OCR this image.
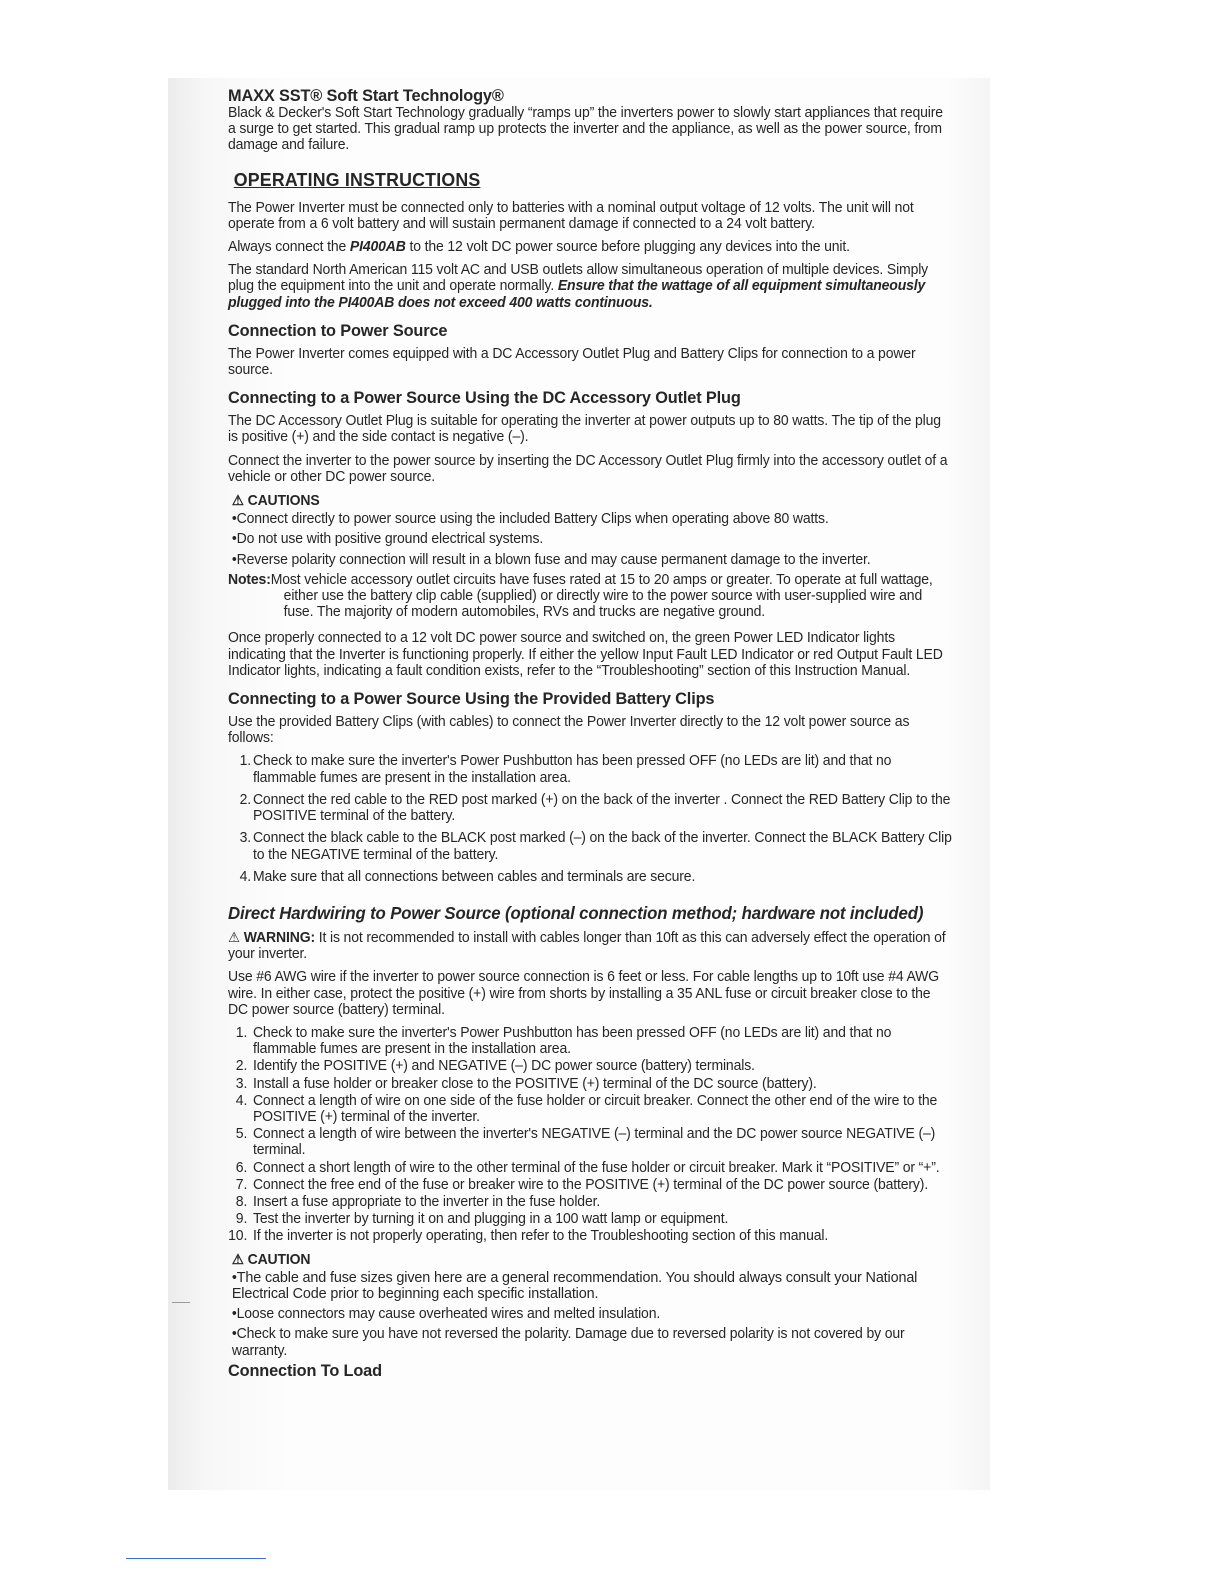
MAXX SST® Soft Start Technology®

Black & Decker's Soft Start Technology gradually “ramps up” the inverters power to slowly start appliances that require a surge to get started. This gradual ramp up protects the inverter and the appliance, as well as the power source, from damage and failure.

OPERATING INSTRUCTIONS

The Power Inverter must be connected only to batteries with a nominal output voltage of 12 volts. The unit will not operate from a 6 volt battery and will sustain permanent damage if connected to a 24 volt battery.

Always connect the PI400AB to the 12 volt DC power source before plugging any devices into the unit.

The standard North American 115 volt AC and USB outlets allow simultaneous operation of multiple devices. Simply plug the equipment into the unit and operate normally. Ensure that the wattage of all equipment simultaneously plugged into the PI400AB does not exceed 400 watts continuous.

Connection to Power Source

The Power Inverter comes equipped with a DC Accessory Outlet Plug and Battery Clips for connection to a power source.

Connecting to a Power Source Using the DC Accessory Outlet Plug

The DC Accessory Outlet Plug is suitable for operating the inverter at power outputs up to 80 watts. The tip of the plug is positive (+) and the side contact is negative (–).

Connect the inverter to the power source by inserting the DC Accessory Outlet Plug firmly into the accessory outlet of a vehicle or other DC power source.

⚠ CAUTIONS
•Connect directly to power source using the included Battery Clips when operating above 80 watts.
•Do not use with positive ground electrical systems.
•Reverse polarity connection will result in a blown fuse and may cause permanent damage to the inverter.

Notes:Most vehicle accessory outlet circuits have fuses rated at 15 to 20 amps or greater. To operate at full wattage, either use the battery clip cable (supplied) or directly wire to the power source with user-supplied wire and fuse. The majority of modern automobiles, RVs and trucks are negative ground.

Once properly connected to a 12 volt DC power source and switched on, the green Power LED Indicator lights indicating that the Inverter is functioning properly. If either the yellow Input Fault LED Indicator or red Output Fault LED Indicator lights, indicating a fault condition exists, refer to the “Troubleshooting” section of this Instruction Manual.

Connecting to a Power Source Using the Provided Battery Clips

Use the provided Battery Clips (with cables) to connect the Power Inverter directly to the 12 volt power source as follows:

1. Check to make sure the inverter's Power Pushbutton has been pressed OFF (no LEDs are lit) and that no flammable fumes are present in the installation area.
2. Connect the red cable to the RED post marked (+) on the back of the inverter . Connect the RED Battery Clip to the POSITIVE terminal of the battery.
3. Connect the black cable to the BLACK post marked (–) on the back of the inverter. Connect the BLACK Battery Clip to the NEGATIVE terminal of the battery.
4. Make sure that all connections between cables and terminals are secure.
Direct Hardwiring to Power Source (optional connection method; hardware not included)

⚠ WARNING: It is not recommended to install with cables longer than 10ft as this can adversely effect the operation of your inverter.

Use #6 AWG wire if the inverter to power source connection is 6 feet or less. For cable lengths up to 10ft use #4 AWG wire. In either case, protect the positive (+) wire from shorts by installing a 35 ANL fuse or circuit breaker close to the DC power source (battery) terminal.

1. Check to make sure the inverter's Power Pushbutton has been pressed OFF (no LEDs are lit) and that no flammable fumes are present in the installation area.
2. Identify the POSITIVE (+) and NEGATIVE (–) DC power source (battery) terminals.
3. Install a fuse holder or breaker close to the POSITIVE (+) terminal of the DC source (battery).
4. Connect a length of wire on one side of the fuse holder or circuit breaker. Connect the other end of the wire to the POSITIVE (+) terminal of the inverter.
5. Connect a length of wire between the inverter's NEGATIVE (–) terminal and the DC power source NEGATIVE (–) terminal.
6. Connect a short length of wire to the other terminal of the fuse holder or circuit breaker. Mark it “POSITIVE” or “+”.
7. Connect the free end of the fuse or breaker wire to the POSITIVE (+) terminal of the DC power source (battery).
8. Insert a fuse appropriate to the inverter in the fuse holder.
9. Test the inverter by turning it on and plugging in a 100 watt lamp or equipment.
10. If the inverter is not properly operating, then refer to the Troubleshooting section of this manual.
⚠ CAUTION
•The cable and fuse sizes given here are a general recommendation. You should always consult your National Electrical Code prior to beginning each specific installation.
•Loose connectors may cause overheated wires and melted insulation.
•Check to make sure you have not reversed the polarity. Damage due to reversed polarity is not covered by our warranty.
Connection To Load
